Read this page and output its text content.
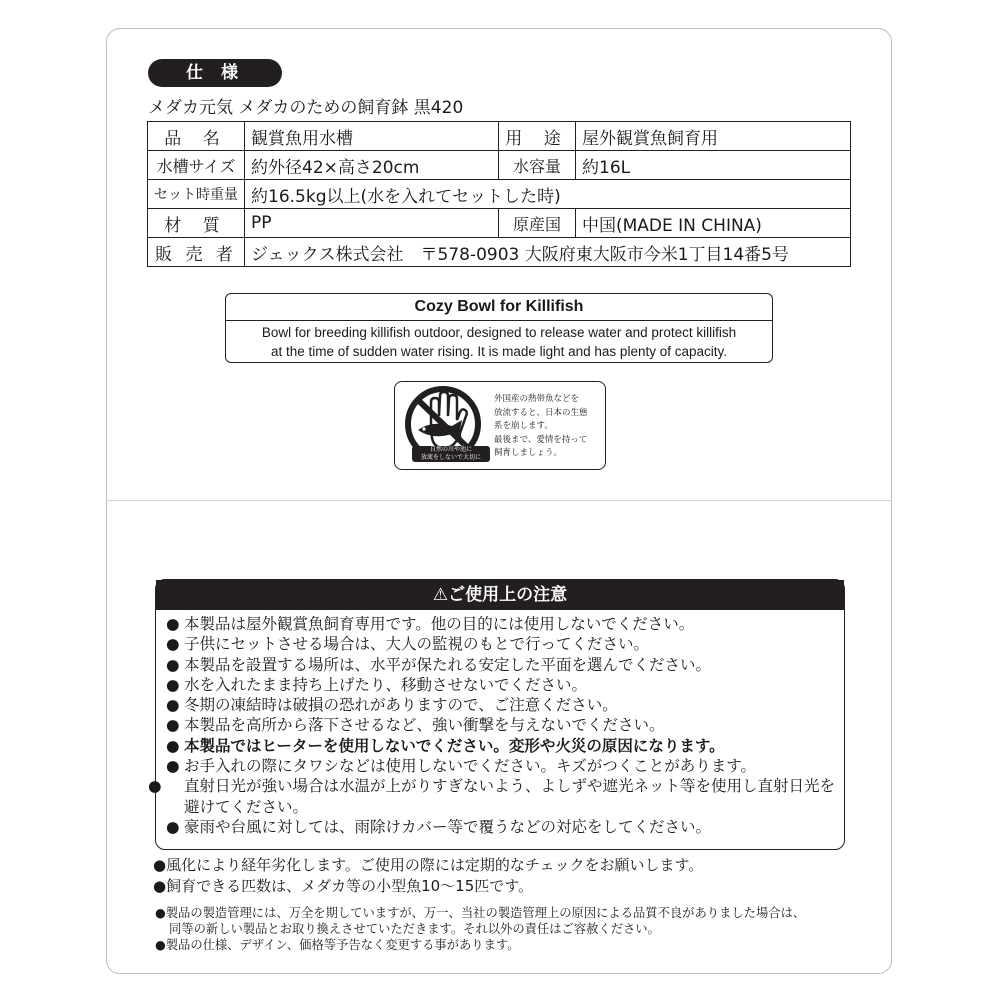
仕 様
メダカ元気 メダカのための飼育鉢 黒420
品 名	観賞魚用水槽	用 途	屋外観賞魚飼育用
水槽サイズ	約外径42×高さ20cm	水容量	約16L
セット時重量	約16.5kg以上(水を入れてセットした時)		
材 質	PP	原産国	中国(MADE IN CHINA)
販 売 者	ジェックス株式会社　〒578-0903 大阪府東大阪市今米1丁目14番5号		
Cozy Bowl for Killifish
Bowl for breeding killifish outdoor, designed to release water and protect killifish
at the time of sudden water rising. It is made light and has plenty of capacity.
自然の川や池に
放流をしないで大切に
外国産の熱帯魚などを
放流すると、日本の生態
系を崩します。
最後まで、愛情を持って
飼育しましょう。
⚠ご使用上の注意
● 本製品は屋外観賞魚飼育専用です。他の目的には使用しないでください。
● 子供にセットさせる場合は、大人の監視のもとで行ってください。
● 本製品を設置する場所は、水平が保たれる安定した平面を選んでください。
● 水を入れたまま持ち上げたり、移動させないでください。
● 冬期の凍結時は破損の恐れがありますので、ご注意ください。
● 本製品を高所から落下させるなど、強い衝撃を与えないでください。
● 本製品ではヒーターを使用しないでください。変形や火災の原因になります。
● お手入れの際にタワシなどは使用しないでください。キズがつくことがあります。
● 直射日光が強い場合は水温が上がりすぎないよう、よしずや遮光ネット等を使用し直射日光を避けてください。
● 豪雨や台風に対しては、雨除けカバー等で覆うなどの対応をしてください。
●風化により経年劣化します。ご使用の際には定期的なチェックをお願いします。
●飼育できる匹数は、メダカ等の小型魚10〜15匹です。
●製品の製造管理には、万全を期していますが、万一、当社の製造管理上の原因による品質不良がありました場合は、
同等の新しい製品とお取り換えさせていただきます。それ以外の責任はご容赦ください。
●製品の仕様、デザイン、価格等予告なく変更する事があります。
